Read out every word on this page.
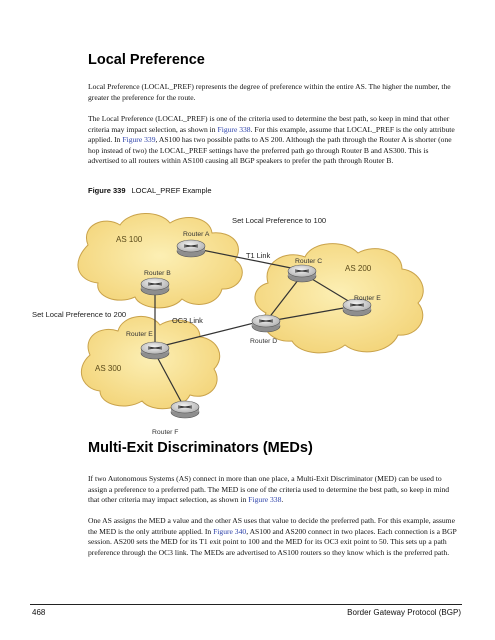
Local Preference

Local Preference (LOCAL_PREF) represents the degree of preference within the entire AS. The higher the number, the greater the preference for the route.

The Local Preference (LOCAL_PREF) is one of the criteria used to determine the best path, so keep in mind that other criteria may impact selection, as shown in Figure 338. For this example, assume that LOCAL_PREF is the only attribute applied. In Figure 339, AS100 has two possible paths to AS 200. Although the path through the Router A is shorter (one hop instead of two) the LOCAL_PREF settings have the preferred path go through Router B and AS300. This is advertised to all routers within AS100 causing all BGP speakers to prefer the path through Router B.

Figure 339 LOCAL_PREF Example
Set Local Preference to 100
Set Local Preference to 200
T1 Link
OC3 Link
AS 100
AS 200
AS 300
Router A
Router B
Router C
Router D
Router E
Router E
Router F
Multi-Exit Discriminators (MEDs)

If two Autonomous Systems (AS) connect in more than one place, a Multi-Exit Discriminator (MED) can be used to assign a preference to a preferred path. The MED is one of the criteria used to determine the best path, so keep in mind that other criteria may impact selection, as shown in Figure 338.

One AS assigns the MED a value and the other AS uses that value to decide the preferred path. For this example, assume the MED is the only attribute applied. In Figure 340, AS100 and AS200 connect in two places. Each connection is a BGP session. AS200 sets the MED for its T1 exit point to 100 and the MED for its OC3 exit point to 50. This sets up a path preference through the OC3 link. The MEDs are advertised to AS100 routers so they know which is the preferred path.

468	Border Gateway Protocol (BGP)
